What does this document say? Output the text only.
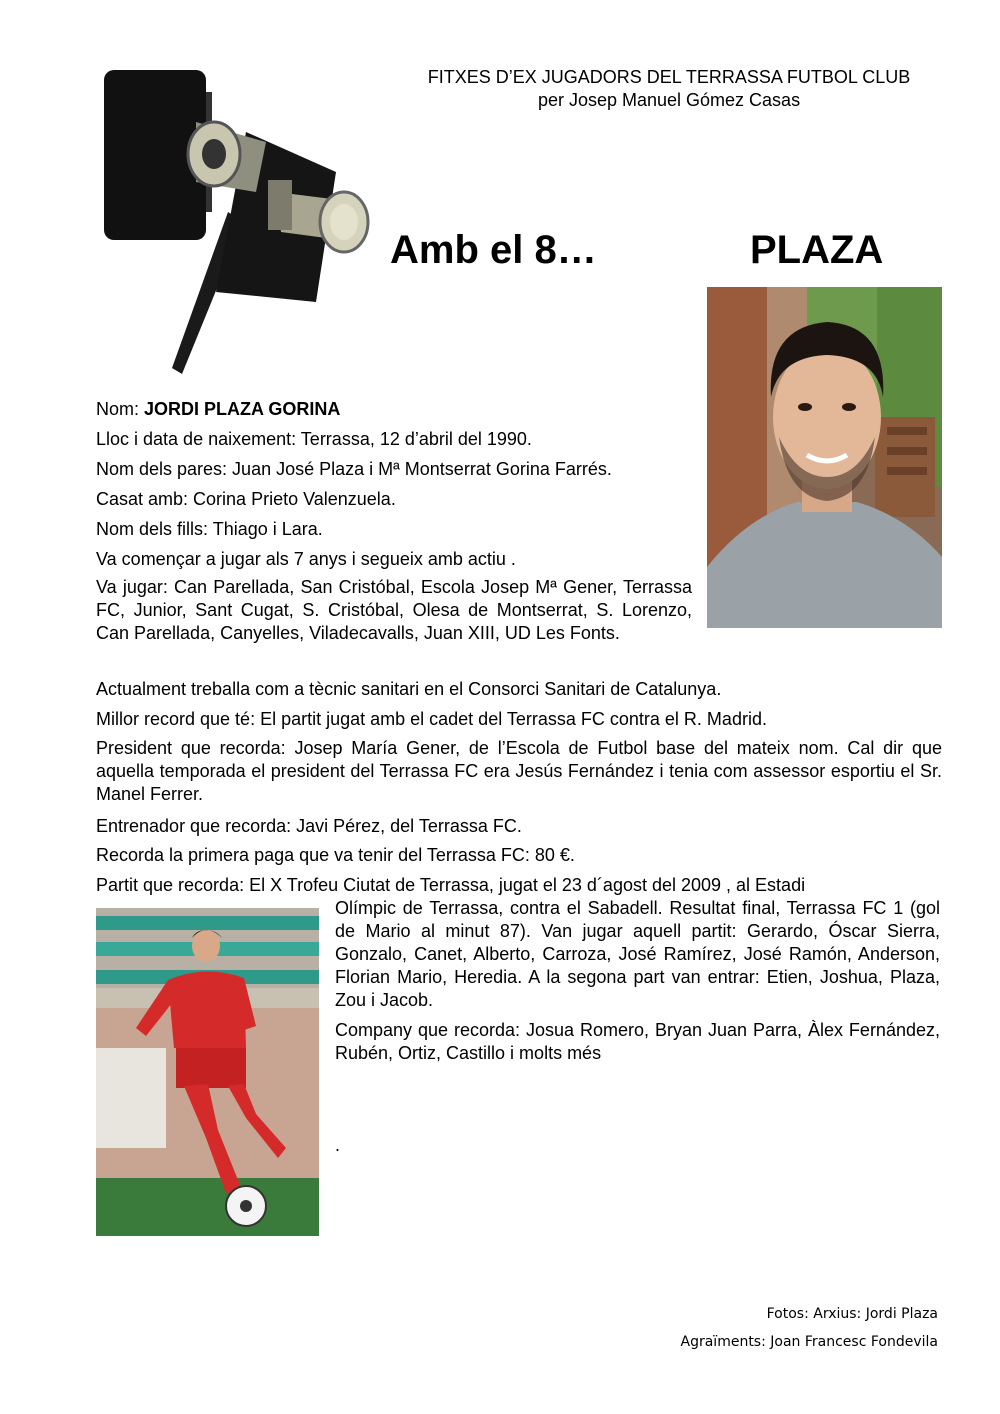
FITXES D’EX JUGADORS DEL TERRASSA FUTBOL CLUB
per Josep Manuel Gómez Casas
Amb el 8…	PLAZA
Nom: JORDI PLAZA GORINA
Lloc i data de naixement: Terrassa, 12 d’abril del 1990.
Nom dels pares: Juan José Plaza i Mª Montserrat Gorina Farrés.
Casat amb: Corina Prieto Valenzuela.
Nom dels fills: Thiago i Lara.
Va començar a jugar als 7 anys i segueix amb actiu .
Va jugar: Can Parellada, San Cristóbal, Escola Josep Mª Gener, Terrassa FC, Junior, Sant Cugat, S. Cristóbal, Olesa de Montserrat, S. Lorenzo, Can Parellada, Canyelles, Viladecavalls, Juan XIII, UD Les Fonts.
Actualment treballa com a tècnic sanitari en el Consorci Sanitari de Catalunya.
Millor record que té: El partit jugat amb el cadet del Terrassa FC contra el R. Madrid.
President que recorda: Josep María Gener, de l’Escola de Futbol base del mateix nom. Cal dir que aquella temporada el president del Terrassa FC era Jesús Fernández i tenia com assessor esportiu el Sr. Manel Ferrer.
Entrenador que recorda: Javi Pérez, del Terrassa FC.
Recorda la primera paga que va tenir del Terrassa FC: 80 €.
Partit que recorda: El X Trofeu Ciutat de Terrassa, jugat el 23 d´agost del 2009 , al Estadi
Olímpic de Terrassa, contra el Sabadell. Resultat final, Terrassa FC 1 (gol de Mario al minut 87). Van jugar aquell partit: Gerardo, Óscar Sierra, Gonzalo, Canet, Alberto, Carroza, José Ramírez, José Ramón, Anderson, Florian Mario, Heredia. A la segona part van entrar: Etien, Joshua, Plaza, Zou i Jacob.
Company que recorda: Josua Romero, Bryan Juan Parra, Àlex Fernández, Rubén, Ortiz, Castillo i molts més
.
Fotos: Arxius: Jordi Plaza
Agraïments: Joan Francesc Fondevila
